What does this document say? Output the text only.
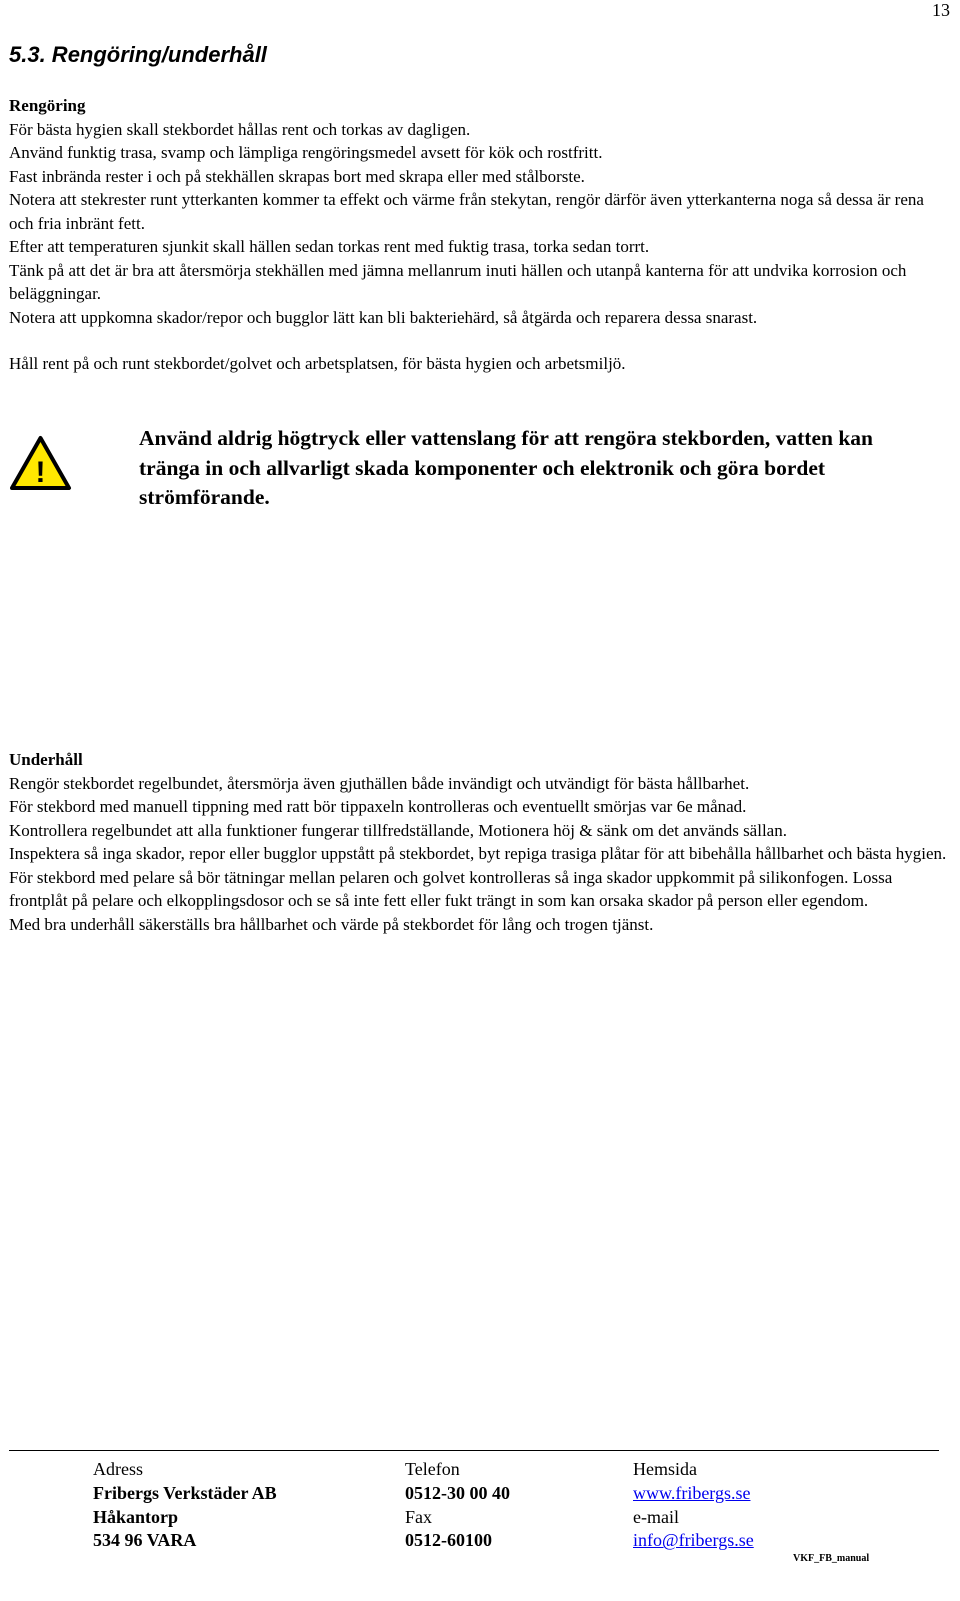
13
5.3. Rengöring/underhåll
Rengöring

För bästa hygien skall stekbordet hållas rent och torkas av dagligen.

Använd funktig trasa, svamp och lämpliga rengöringsmedel avsett för kök och rostfritt.

Fast inbrända rester i och på stekhällen skrapas bort med skrapa eller med stålborste.

Notera att stekrester runt ytterkanten kommer ta effekt och värme från stekytan, rengör därför även ytterkanterna noga så dessa är rena och fria inbränt fett.

Efter att temperaturen sjunkit skall hällen sedan torkas rent med fuktig trasa, torka sedan torrt.

Tänk på att det är bra att återsmörja stekhällen med jämna mellanrum inuti hällen och utanpå kanterna för att undvika korrosion och beläggningar.

Notera att uppkomna skador/repor och bugglor lätt kan bli bakteriehärd, så åtgärda och reparera dessa snarast.

Håll rent på och runt stekbordet/golvet och arbetsplatsen, för bästa hygien och arbetsmiljö.

!

Använd aldrig högtryck eller vattenslang för att rengöra stekborden, vatten kan tränga in och allvarligt skada komponenter och elektronik och göra bordet strömförande.

Underhåll

Rengör stekbordet regelbundet, återsmörja även gjuthällen både invändigt och utvändigt för bästa hållbarhet.

För stekbord med manuell tippning med ratt bör tippaxeln kontrolleras och eventuellt smörjas var 6e månad.

Kontrollera regelbundet att alla funktioner fungerar tillfredställande, Motionera höj & sänk om det används sällan.

Inspektera så inga skador, repor eller bugglor uppstått på stekbordet, byt repiga trasiga plåtar för att bibehålla hållbarhet och bästa hygien.

För stekbord med pelare så bör tätningar mellan pelaren och golvet kontrolleras så inga skador uppkommit på silikonfogen. Lossa frontplåt på pelare och elkopplingsdosor och se så inte fett eller fukt trängt in som kan orsaka skador på person eller egendom.

Med bra underhåll säkerställs bra hållbarhet och värde på stekbordet för lång och trogen tjänst.

Adress
Fribergs Verkstäder AB
Håkantorp
534 96 VARA
Telefon
0512-30 00 40
Fax
0512-60100
Hemsida
www.fribergs.se
e-mail
info@fribergs.se
VKF_FB_manual
